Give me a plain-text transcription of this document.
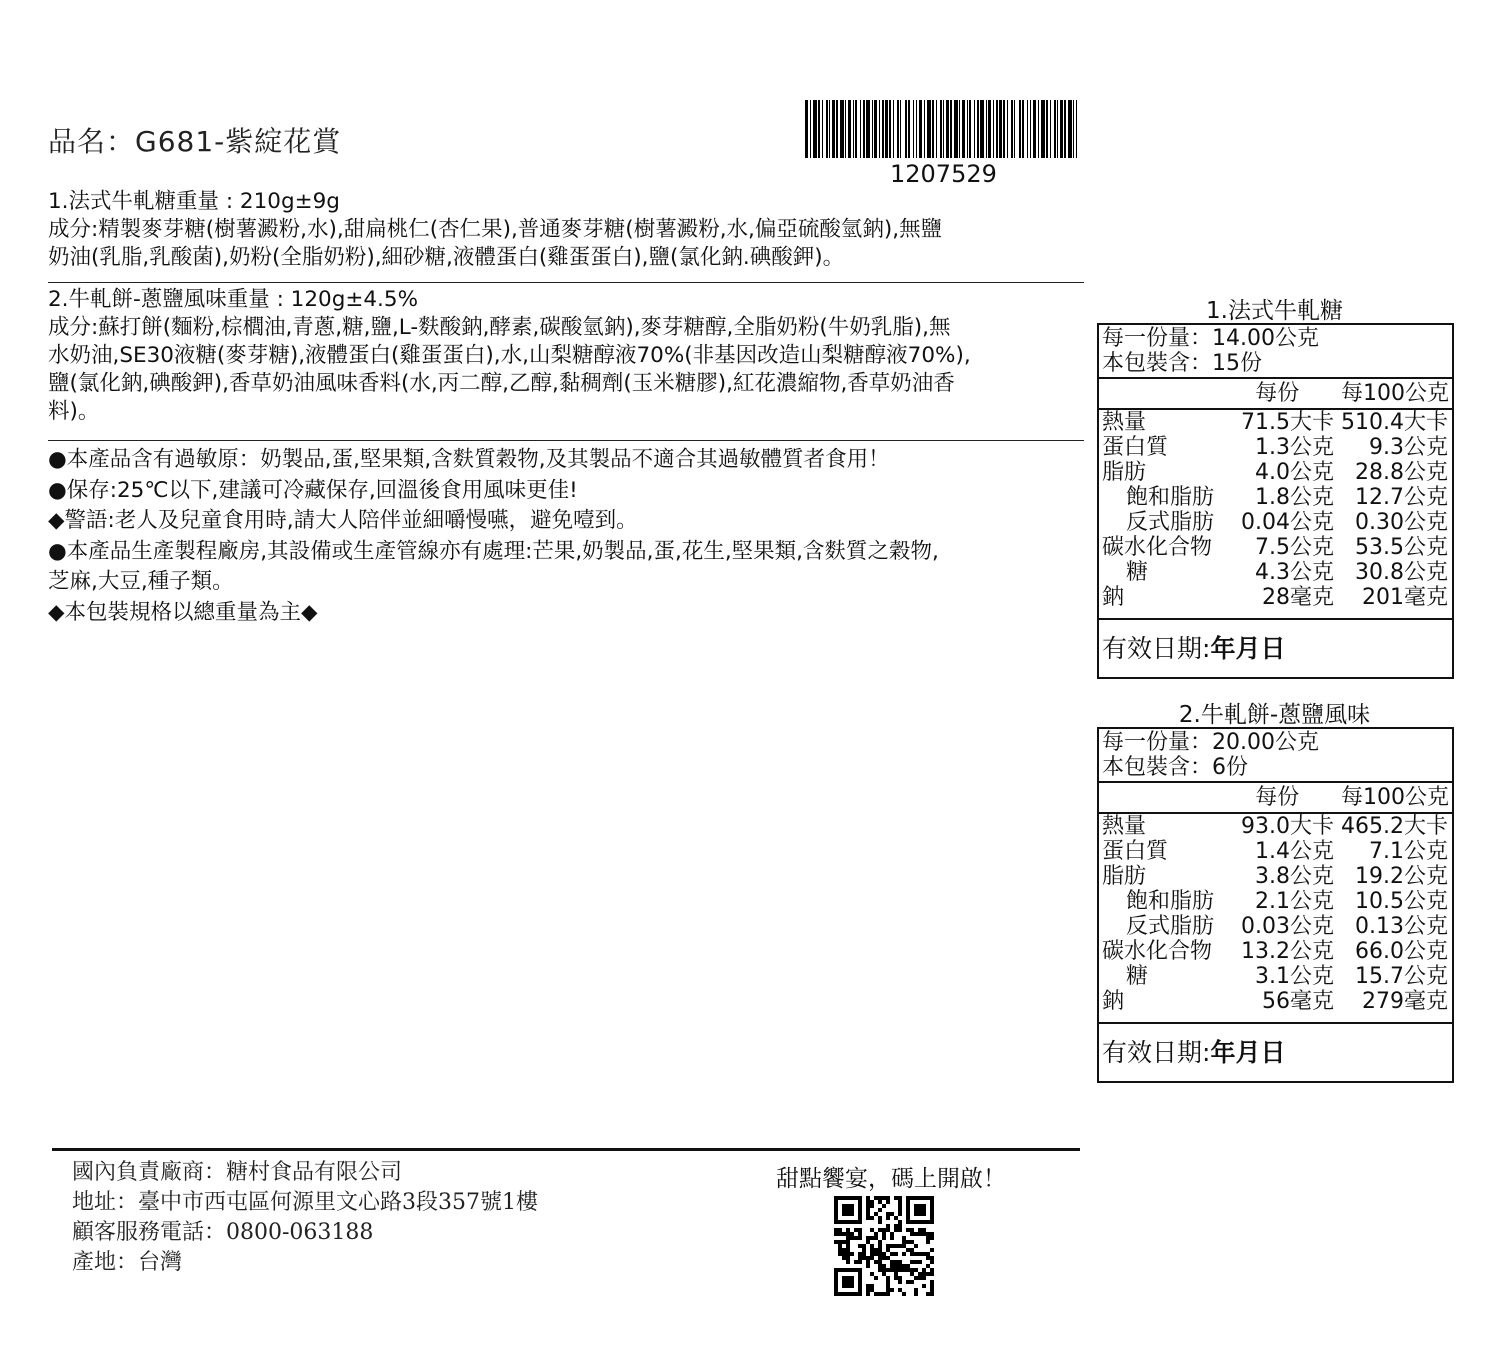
品名：G681-紫綻花賞
1207529
1.法式牛軋糖重量 : 210g±9g
成分:精製麥芽糖(樹薯澱粉,水),甜扁桃仁(杏仁果),普通麥芽糖(樹薯澱粉,水,偏亞硫酸氫鈉),無鹽
奶油(乳脂,乳酸菌),奶粉(全脂奶粉),細砂糖,液體蛋白(雞蛋蛋白),鹽(氯化鈉.碘酸鉀)。
2.牛軋餅-蔥鹽風味重量 : 120g±4.5%
成分:蘇打餅(麵粉,棕櫚油,青蔥,糖,鹽,L-麩酸鈉,酵素,碳酸氫鈉),麥芽糖醇,全脂奶粉(牛奶乳脂),無
水奶油,SE30液糖(麥芽糖),液體蛋白(雞蛋蛋白),水,山梨糖醇液70%(非基因改造山梨糖醇液70%),
鹽(氯化鈉,碘酸鉀),香草奶油風味香料(水,丙二醇,乙醇,黏稠劑(玉米糖膠),紅花濃縮物,香草奶油香
料)。
●本產品含有過敏原：奶製品,蛋,堅果類,含麩質穀物,及其製品不適合其過敏體質者食用！
●保存:25℃以下,建議可冷藏保存,回溫後食用風味更佳!
◆警語:老人及兒童食用時,請大人陪伴並細嚼慢嚥，避免噎到。
●本產品生產製程廠房,其設備或生產管線亦有處理:芒果,奶製品,蛋,花生,堅果類,含麩質之穀物,
芝麻,大豆,種子類。
◆本包裝規格以總重量為主◆
1.法式牛軋糖
每一份量：14.00公克
本包裝含：15份
每份	每100公克
熱量	71.5大卡 510.4大卡
蛋白質	1.3公克	9.3公克
脂肪	4.0公克 28.8公克
飽和脂肪	1.8公克 12.7公克
反式脂肪	0.04公克 0.30公克
碳水化合物	7.5公克 53.5公克
糖	4.3公克 30.8公克
鈉	28毫克	201毫克
有效日期:年月日
2.牛軋餅-蔥鹽風味
每一份量：20.00公克
本包裝含：6份
每份	每100公克
熱量	93.0大卡 465.2大卡
蛋白質	1.4公克	7.1公克
脂肪	3.8公克 19.2公克
飽和脂肪	2.1公克 10.5公克
反式脂肪	0.03公克 0.13公克
碳水化合物	13.2公克 66.0公克
糖	3.1公克 15.7公克
鈉	56毫克	279毫克
有效日期:年月日
國內負責廠商：糖村食品有限公司
地址：臺中市西屯區何源里文心路3段357號1樓
顧客服務電話：0800-063188
產地：台灣
甜點饗宴，碼上開啟！
